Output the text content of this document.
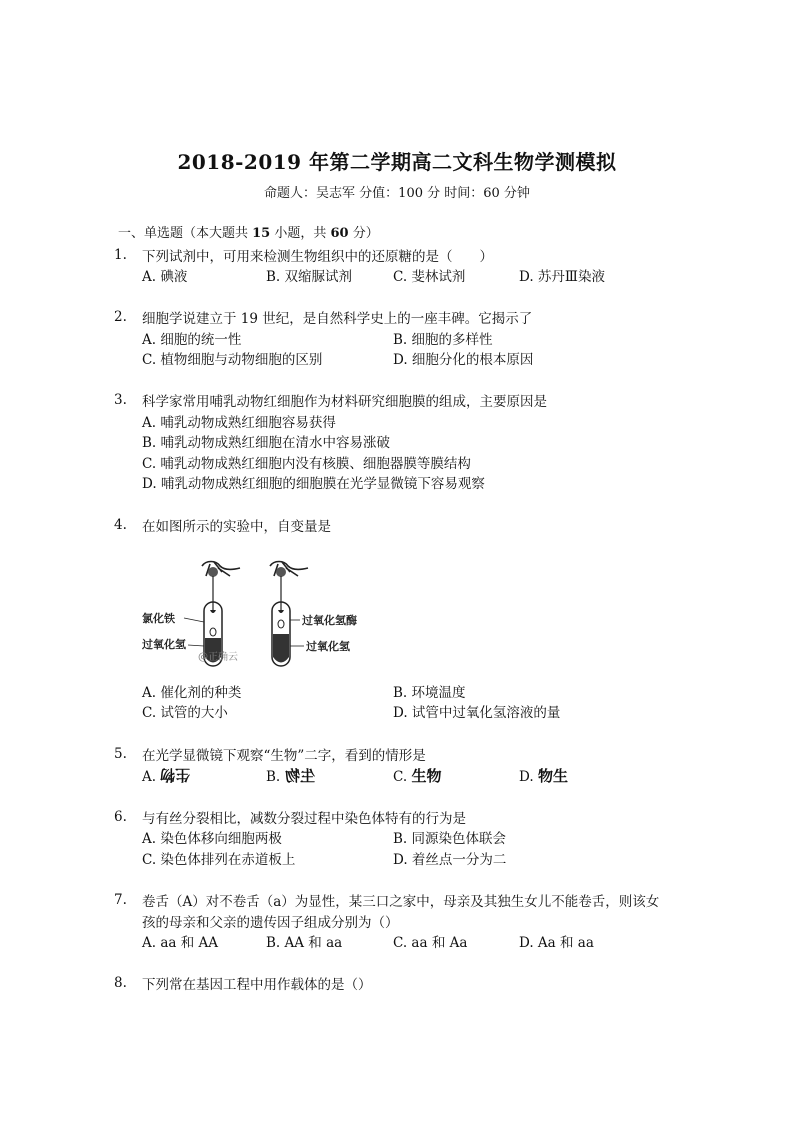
2018-2019 年第二学期高二文科生物学测模拟
命题人：吴志军 分值：100 分 时间：60 分钟
一、单选题（本大题共 15 小题，共 60 分）
1. 下列试剂中，可用来检测生物组织中的还原糖的是（　　）
A. 碘液	B. 双缩脲试剂	C. 斐林试剂	D. 苏丹Ⅲ染液
2. 细胞学说建立于 19 世纪，是自然科学史上的一座丰碑。它揭示了
A. 细胞的统一性	B. 细胞的多样性
C. 植物细胞与动物细胞的区别	D. 细胞分化的根本原因
3. 科学家常用哺乳动物红细胞作为材料研究细胞膜的组成，主要原因是
A. 哺乳动物成熟红细胞容易获得
B. 哺乳动物成熟红细胞在清水中容易涨破
C. 哺乳动物成熟红细胞内没有核膜、细胞器膜等膜结构
D. 哺乳动物成熟红细胞的细胞膜在光学显微镜下容易观察
4. 在如图所示的实验中，自变量是
氯化铁
过氧化氢
过氧化氢酶
过氧化氢
@正确云
A. 催化剂的种类	B. 环境温度
C. 试管的大小	D. 试管中过氧化氢溶液的量
5. 在光学显微镜下观察“生物”二字，看到的情形是
A. 生物	B. 生物	C. 生物	D. 物生
6. 与有丝分裂相比，减数分裂过程中染色体特有的行为是
A. 染色体移向细胞两极	B. 同源染色体联会
C. 染色体排列在赤道板上	D. 着丝点一分为二
7. 卷舌（A）对不卷舌（a）为显性，某三口之家中，母亲及其独生女儿不能卷舌，则该女
孩的母亲和父亲的遗传因子组成分别为（）
A. aa 和 AA	B. AA 和 aa	C. aa 和 Aa	D. Aa 和 aa
8. 下列常在基因工程中用作载体的是（）
